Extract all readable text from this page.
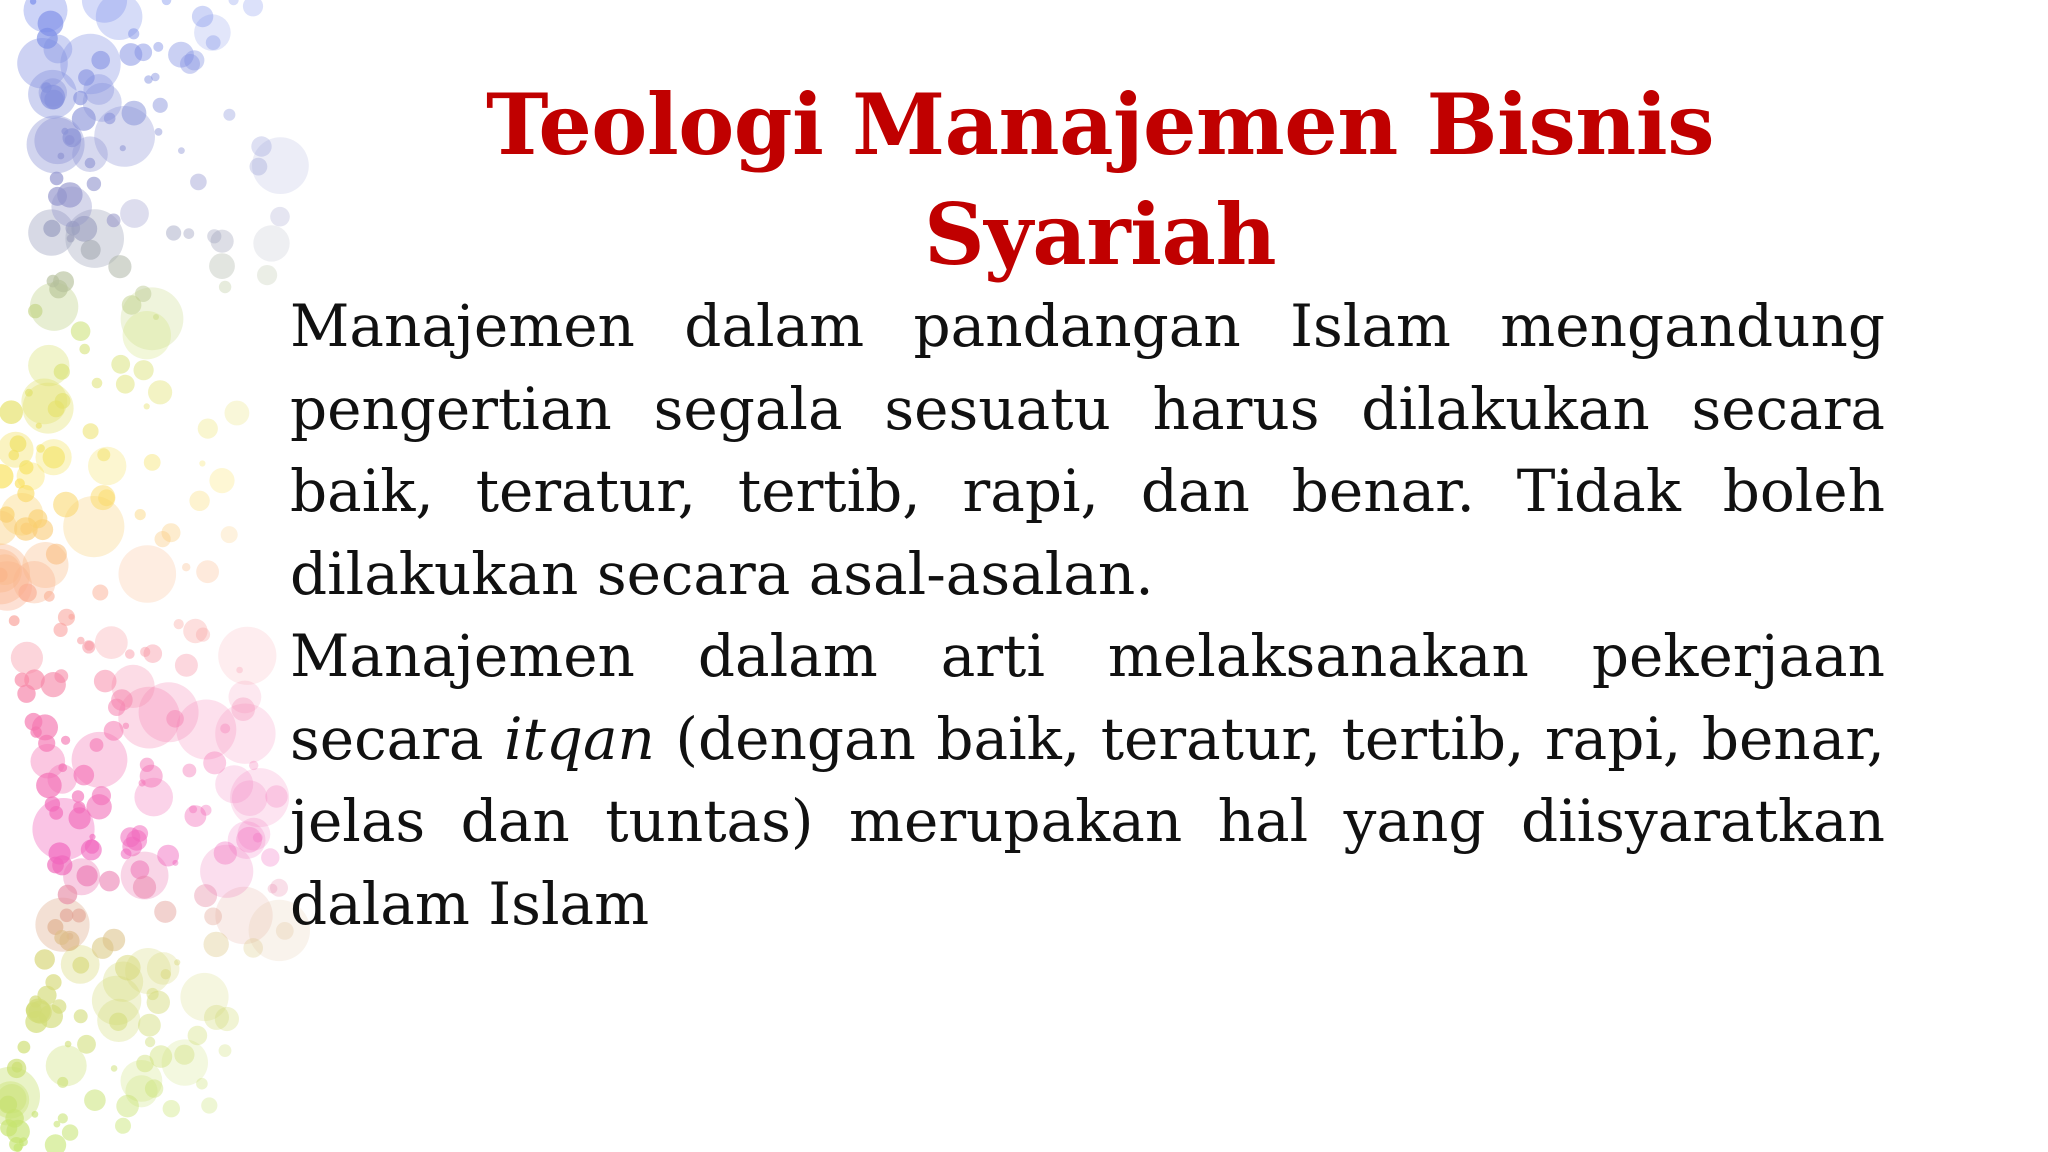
Teologi Manajemen Bisnis Syariah

Manajemen dalam pandangan Islam mengandung pengertian segala sesuatu harus dilakukan secara baik, teratur, tertib, rapi, dan benar. Tidak boleh dilakukan secara asal-asalan.

Manajemen dalam arti melaksanakan pekerjaan secara itqan (dengan baik, teratur, tertib, rapi, benar, jelas dan tuntas) merupakan hal yang diisyaratkan dalam Islam
